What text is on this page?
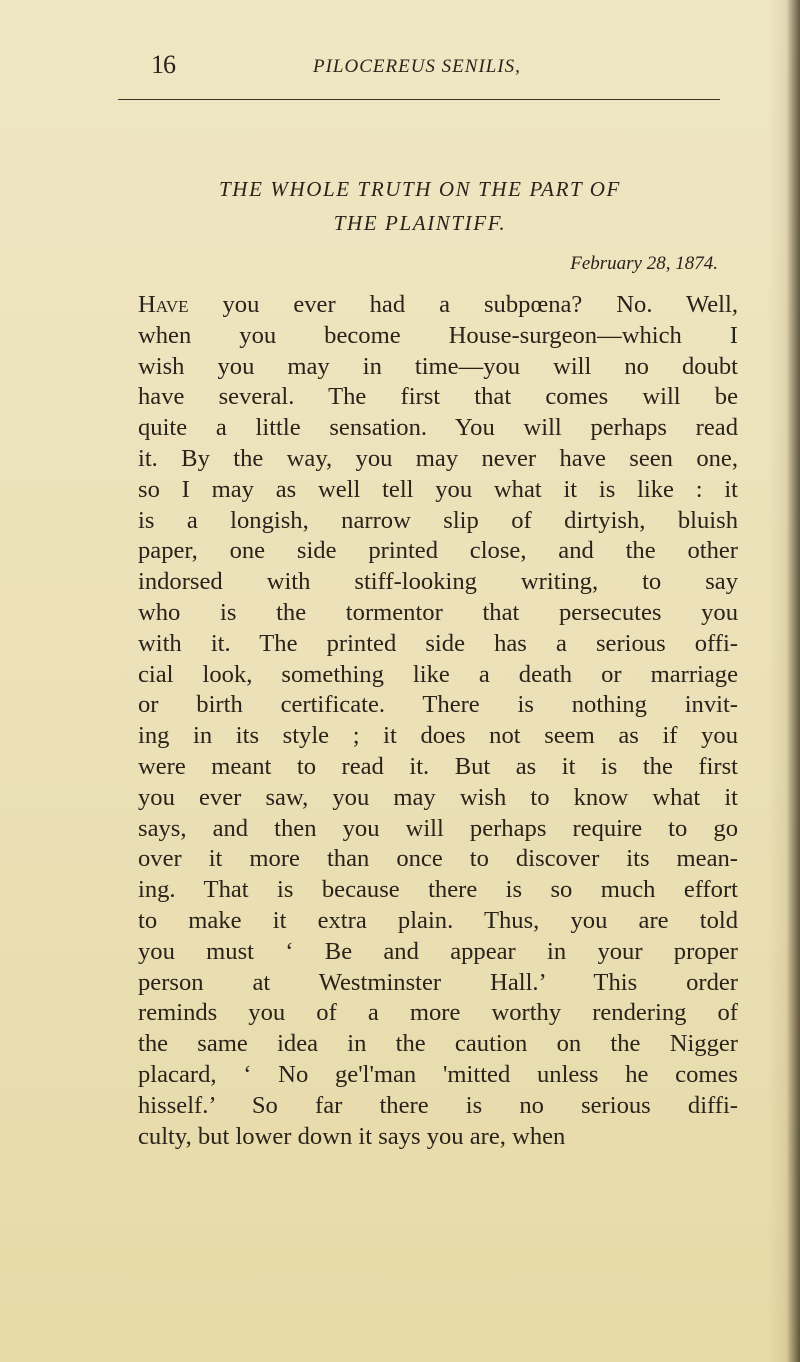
16	PILOCEREUS SENILIS,
THE WHOLE TRUTH ON THE PART OF
THE PLAINTIFF.
February 28, 1874.
Have you ever had a subpœna? No. Well,
when you become House-surgeon—which I
wish you may in time—you will no doubt
have several. The first that comes will be
quite a little sensation. You will perhaps read
it. By the way, you may never have seen one,
so I may as well tell you what it is like : it
is a longish, narrow slip of dirtyish, bluish
paper, one side printed close, and the other
indorsed with stiff-looking writing, to say
who is the tormentor that persecutes you
with it. The printed side has a serious offi-
cial look, something like a death or marriage
or birth certificate. There is nothing invit-
ing in its style ; it does not seem as if you
were meant to read it. But as it is the first
you ever saw, you may wish to know what it
says, and then you will perhaps require to go
over it more than once to discover its mean-
ing. That is because there is so much effort
to make it extra plain. Thus, you are told
you must ‘ Be and appear in your proper
person at Westminster Hall.’ This order
reminds you of a more worthy rendering of
the same idea in the caution on the Nigger
placard, ‘ No ge'l'man 'mitted unless he comes
hisself.’ So far there is no serious diffi-
culty, but lower down it says you are, when
